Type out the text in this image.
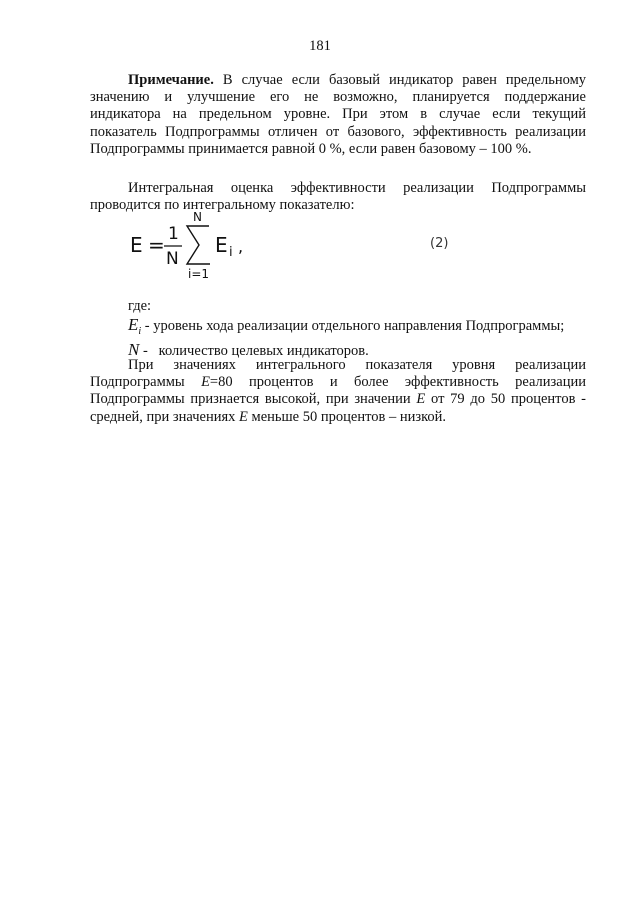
181
Примечание. В случае если базовый индикатор равен предельному
значению и улучшение его не возможно, планируется поддержание
индикатора на предельном уровне. При этом в случае если текущий
показатель Подпрограммы отличен от базового, эффективность реализации
Подпрограммы принимается равной 0 %, если равен базовому – 100 %.
Интегральная оценка эффективности реализации Подпрограммы
проводится по интегральному показателю:
E = 1
N
N
i=1
E i ,	(2)
где:
$E_i$ - уровень хода реализации отдельного направления Подпрограммы;
N -   количество целевых индикаторов.
При значениях интегрального показателя уровня реализации
Подпрограммы E=80 процентов и более эффективность реализации
Подпрограммы признается высокой, при значении E от 79 до 50 процентов -
средней, при значениях E меньше 50 процентов – низкой.
